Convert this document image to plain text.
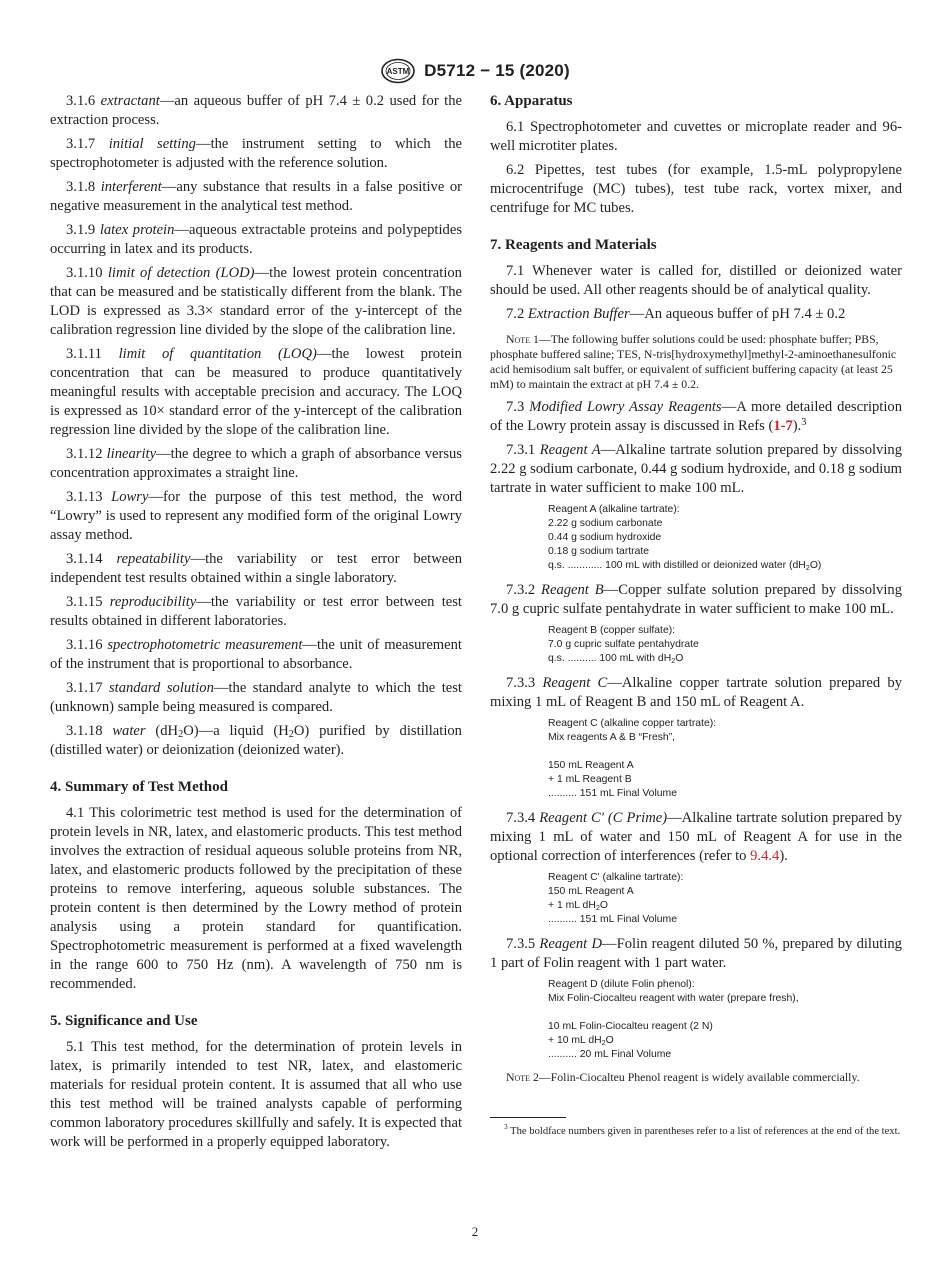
ASTM D5712 − 15 (2020)

3.1.6 extractant—an aqueous buffer of pH 7.4 ± 0.2 used for the extraction process.

3.1.7 initial setting—the instrument setting to which the spectrophotometer is adjusted with the reference solution.

3.1.8 interferent—any substance that results in a false positive or negative measurement in the analytical test method.

3.1.9 latex protein—aqueous extractable proteins and polypeptides occurring in latex and its products.

3.1.10 limit of detection (LOD)—the lowest protein concentration that can be measured and be statistically different from the blank. The LOD is expressed as 3.3× standard error of the y-intercept of the calibration regression line divided by the slope of the calibration line.

3.1.11 limit of quantitation (LOQ)—the lowest protein concentration that can be measured to produce quantitatively meaningful results with acceptable precision and accuracy. The LOQ is expressed as 10× standard error of the y-intercept of the calibration regression line divided by the slope of the calibration line.

3.1.12 linearity—the degree to which a graph of absorbance versus concentration approximates a straight line.

3.1.13 Lowry—for the purpose of this test method, the word “Lowry” is used to represent any modified form of the original Lowry assay method.

3.1.14 repeatability—the variability or test error between independent test results obtained within a single laboratory.

3.1.15 reproducibility—the variability or test error between test results obtained in different laboratories.

3.1.16 spectrophotometric measurement—the unit of measurement of the instrument that is proportional to absorbance.

3.1.17 standard solution—the standard analyte to which the test (unknown) sample being measured is compared.

3.1.18 water $(dH_2O)—a$ liquid $(H_2O)$ purified by distillation (distilled water) or deionization (deionized water).

4. Summary of Test Method

4.1 This colorimetric test method is used for the determination of protein levels in NR, latex, and elastomeric products. This test method involves the extraction of residual aqueous soluble proteins from NR, latex, and elastomeric products followed by the precipitation of these proteins to remove interfering, aqueous soluble substances. The protein content is then determined by the Lowry method of protein analysis using a protein standard for quantification. Spectrophotometric measurement is performed at a fixed wavelength in the range 600 to 750 Hz (nm). A wavelength of 750 nm is recommended.

5. Significance and Use

5.1 This test method, for the determination of protein levels in latex, is primarily intended to test NR, latex, and elastomeric materials for residual protein content. It is assumed that all who use this test method will be trained analysts capable of performing common laboratory procedures skillfully and safely. It is expected that work will be performed in a properly equipped laboratory.

6. Apparatus

6.1 Spectrophotometer and cuvettes or microplate reader and 96-well microtiter plates.

6.2 Pipettes, test tubes (for example, 1.5-mL polypropylene microcentrifuge (MC) tubes), test tube rack, vortex mixer, and centrifuge for MC tubes.

7. Reagents and Materials

7.1 Whenever water is called for, distilled or deionized water should be used. All other reagents should be of analytical quality.

7.2 Extraction Buffer—An aqueous buffer of pH 7.4 ± 0.2

Note 1—The following buffer solutions could be used: phosphate buffer; PBS, phosphate buffered saline; TES, N-tris[hydroxymethyl]methyl-2-aminoethanesulfonic acid hemisodium salt buffer, or equivalent of sufficient buffering capacity (at least 25 mM) to maintain the extract at pH 7.4 ± 0.2.

7.3 Modified Lowry Assay Reagents—A more detailed description of the Lowry protein assay is discussed in Refs (1-7).$^3$

7.3.1 Reagent A—Alkaline tartrate solution prepared by dissolving 2.22 g sodium carbonate, 0.44 g sodium hydroxide, and 0.18 g sodium tartrate in water sufficient to make 100 mL.

Reagent A (alkaline tartrate):
2.22 g sodium carbonate
0.44 g sodium hydroxide
0.18 g sodium tartrate
q.s. ............ 100 mL with distilled or deionized water $(dH_2O)$

7.3.2 Reagent B—Copper sulfate solution prepared by dissolving 7.0 g cupric sulfate pentahydrate in water sufficient to make 100 mL.

Reagent B (copper sulfate):
7.0 g cupric sulfate pentahydrate
q.s. .......... 100 mL with $dH_2O$

7.3.3 Reagent C—Alkaline copper tartrate solution prepared by mixing 1 mL of Reagent B and 150 mL of Reagent A.

Reagent C (alkaline copper tartrate):
Mix reagents A & B “Fresh”,
150 mL Reagent A
+ 1 mL Reagent B
.......... 151 mL Final Volume

7.3.4 Reagent C' (C Prime)—Alkaline tartrate solution prepared by mixing 1 mL of water and 150 mL of Reagent A for use in the optional correction of interferences (refer to 9.4.4).

Reagent C' (alkaline tartrate):
150 mL Reagent A
+ 1 mL $dH_2O$
.......... 151 mL Final Volume

7.3.5 Reagent D—Folin reagent diluted 50 %, prepared by diluting 1 part of Folin reagent with 1 part water.

Reagent D (dilute Folin phenol):
Mix Folin-Ciocalteu reagent with water (prepare fresh),
10 mL Folin-Ciocalteu reagent (2 N)
+ 10 mL $dH_2O$
.......... 20 mL Final Volume
Note 2—Folin-Ciocalteu Phenol reagent is widely available commercially.
$^3$ The boldface numbers given in parentheses refer to a list of references at the end of the text.
2
